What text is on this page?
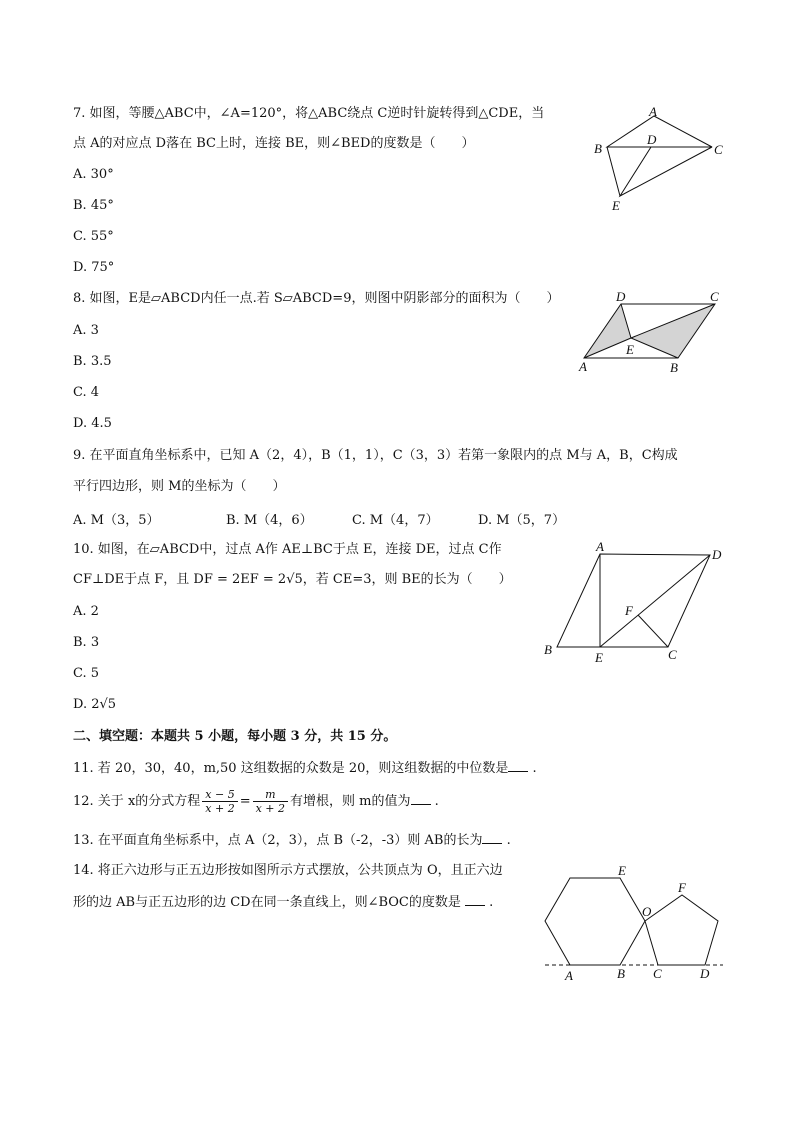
7. 如图，等腰△ABC中，∠A=120°，将△ABC绕点 C逆时针旋转得到△CDE，当
点 A的对应点 D落在 BC上时，连接 BE，则∠BED的度数是（　　）
A. 30°
B. 45°
C. 55°
D. 75°
A
B	C
D
E
8. 如图，E是▱ABCD内任一点.若 S▱ABCD=9，则图中阴影部分的面积为（　　）
A. 3
B. 3.5
C. 4
D. 4.5
D	C
E
A	B
9. 在平面直角坐标系中，已知 A（2，4），B（1，1），C（3，3）若第一象限内的点 M与 A，B，C构成
平行四边形，则 M的坐标为（　　）
A. M（3，5）	B. M（4，6）	C. M（4，7）	D. M（5，7）
10. 如图，在▱ABCD中，过点 A作 AE⊥BC于点 E，连接 DE，过点 C作
CF⊥DE于点 F，且 DF = 2EF = 2√5，若 CE=3，则 BE的长为（　　）
A. 2
B. 3
C. 5
D. 2√5
A
D
F
B
E	C
二、填空题：本题共 5 小题，每小题 3 分，共 15 分。
11. 若 20，30，40，m,50 这组数据的众数是 20，则这组数据的中位数是 .
12. 关于 x的分式方程 $\frac{x - 5}{x + 2} = \frac{m}{x + 2}$ 有增根，则 m的值为 .
13. 在平面直角坐标系中，点 A（2，3），点 B（-2，-3）则 AB的长为 .
14. 将正六边形与正五边形按如图所示方式摆放，公共顶点为 O，且正六边
形的边 AB与正五边形的边 CD在同一条直线上，则∠BOC的度数是 .
E
F
O
A	B C	D
